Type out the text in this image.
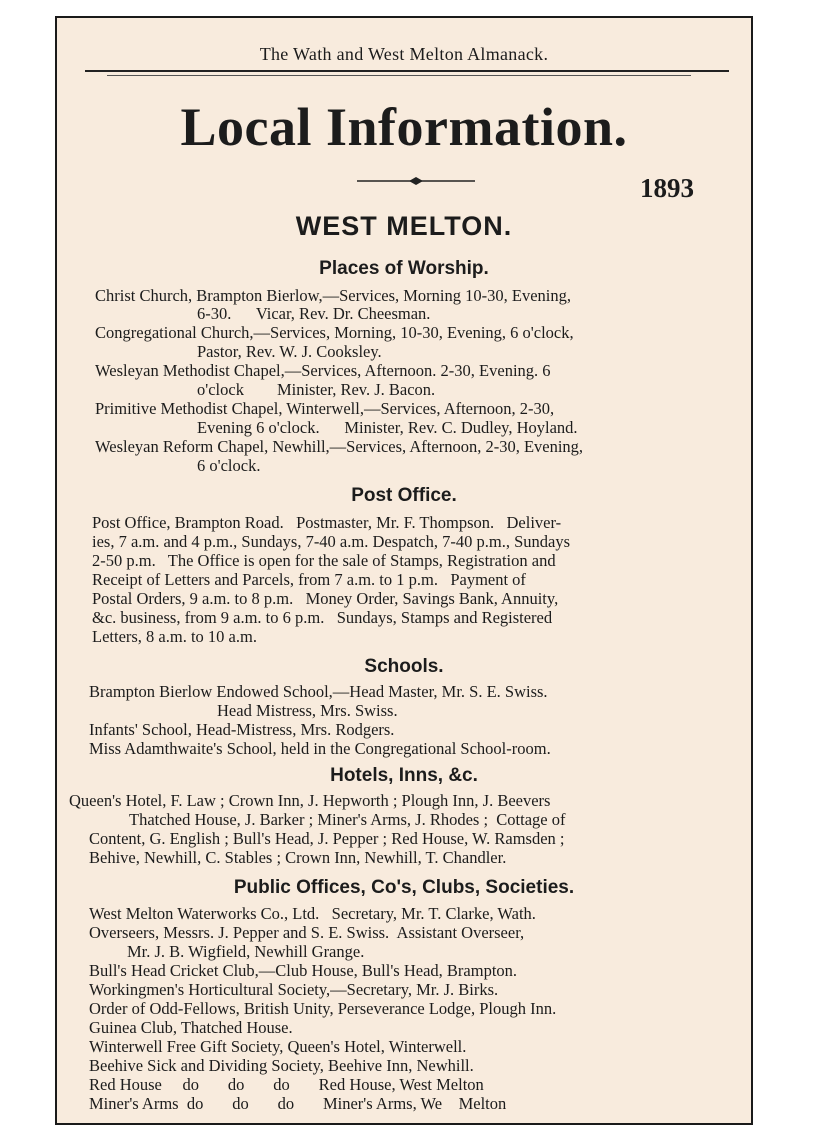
The Wath and West Melton Almanack.
Local Information.
1893
WEST MELTON.
Places of Worship.
Christ Church, Brampton Bierlow,—Services, Morning 10-30, Evening,
6-30.      Vicar, Rev. Dr. Cheesman.
Congregational Church,—Services, Morning, 10-30, Evening, 6 o'clock,
Pastor, Rev. W. J. Cooksley.
Wesleyan Methodist Chapel,—Services, Afternoon. 2-30, Evening. 6
o'clock        Minister, Rev. J. Bacon.
Primitive Methodist Chapel, Winterwell,—Services, Afternoon, 2-30,
Evening 6 o'clock.      Minister, Rev. C. Dudley, Hoyland.
Wesleyan Reform Chapel, Newhill,—Services, Afternoon, 2-30, Evening,
6 o'clock.
Post Office.
Post Office, Brampton Road.   Postmaster, Mr. F. Thompson.   Deliver-
ies, 7 a.m. and 4 p.m., Sundays, 7-40 a.m. Despatch, 7-40 p.m., Sundays
2-50 p.m.   The Office is open for the sale of Stamps, Registration and
Receipt of Letters and Parcels, from 7 a.m. to 1 p.m.   Payment of
Postal Orders, 9 a.m. to 8 p.m.   Money Order, Savings Bank, Annuity,
&c. business, from 9 a.m. to 6 p.m.   Sundays, Stamps and Registered
Letters, 8 a.m. to 10 a.m.
Schools.
Brampton Bierlow Endowed School,—Head Master, Mr. S. E. Swiss.
Head Mistress, Mrs. Swiss.
Infants' School, Head-Mistress, Mrs. Rodgers.
Miss Adamthwaite's School, held in the Congregational School-room.
Hotels, Inns, &c.
Queen's Hotel, F. Law ; Crown Inn, J. Hepworth ; Plough Inn, J. Beevers
Thatched House, J. Barker ; Miner's Arms, J. Rhodes ;  Cottage of
Content, G. English ; Bull's Head, J. Pepper ; Red House, W. Ramsden ;
Behive, Newhill, C. Stables ; Crown Inn, Newhill, T. Chandler.
Public Offices, Co's, Clubs, Societies.
West Melton Waterworks Co., Ltd.   Secretary, Mr. T. Clarke, Wath.
Overseers, Messrs. J. Pepper and S. E. Swiss.  Assistant Overseer,
Mr. J. B. Wigfield, Newhill Grange.
Bull's Head Cricket Club,—Club House, Bull's Head, Brampton.
Workingmen's Horticultural Society,—Secretary, Mr. J. Birks.
Order of Odd-Fellows, British Unity, Perseverance Lodge, Plough Inn.
Guinea Club, Thatched House.
Winterwell Free Gift Society, Queen's Hotel, Winterwell.
Beehive Sick and Dividing Society, Beehive Inn, Newhill.
Red House     do       do       do       Red House, West Melton
Miner's Arms  do       do       do       Miner's Arms, We    Melton
